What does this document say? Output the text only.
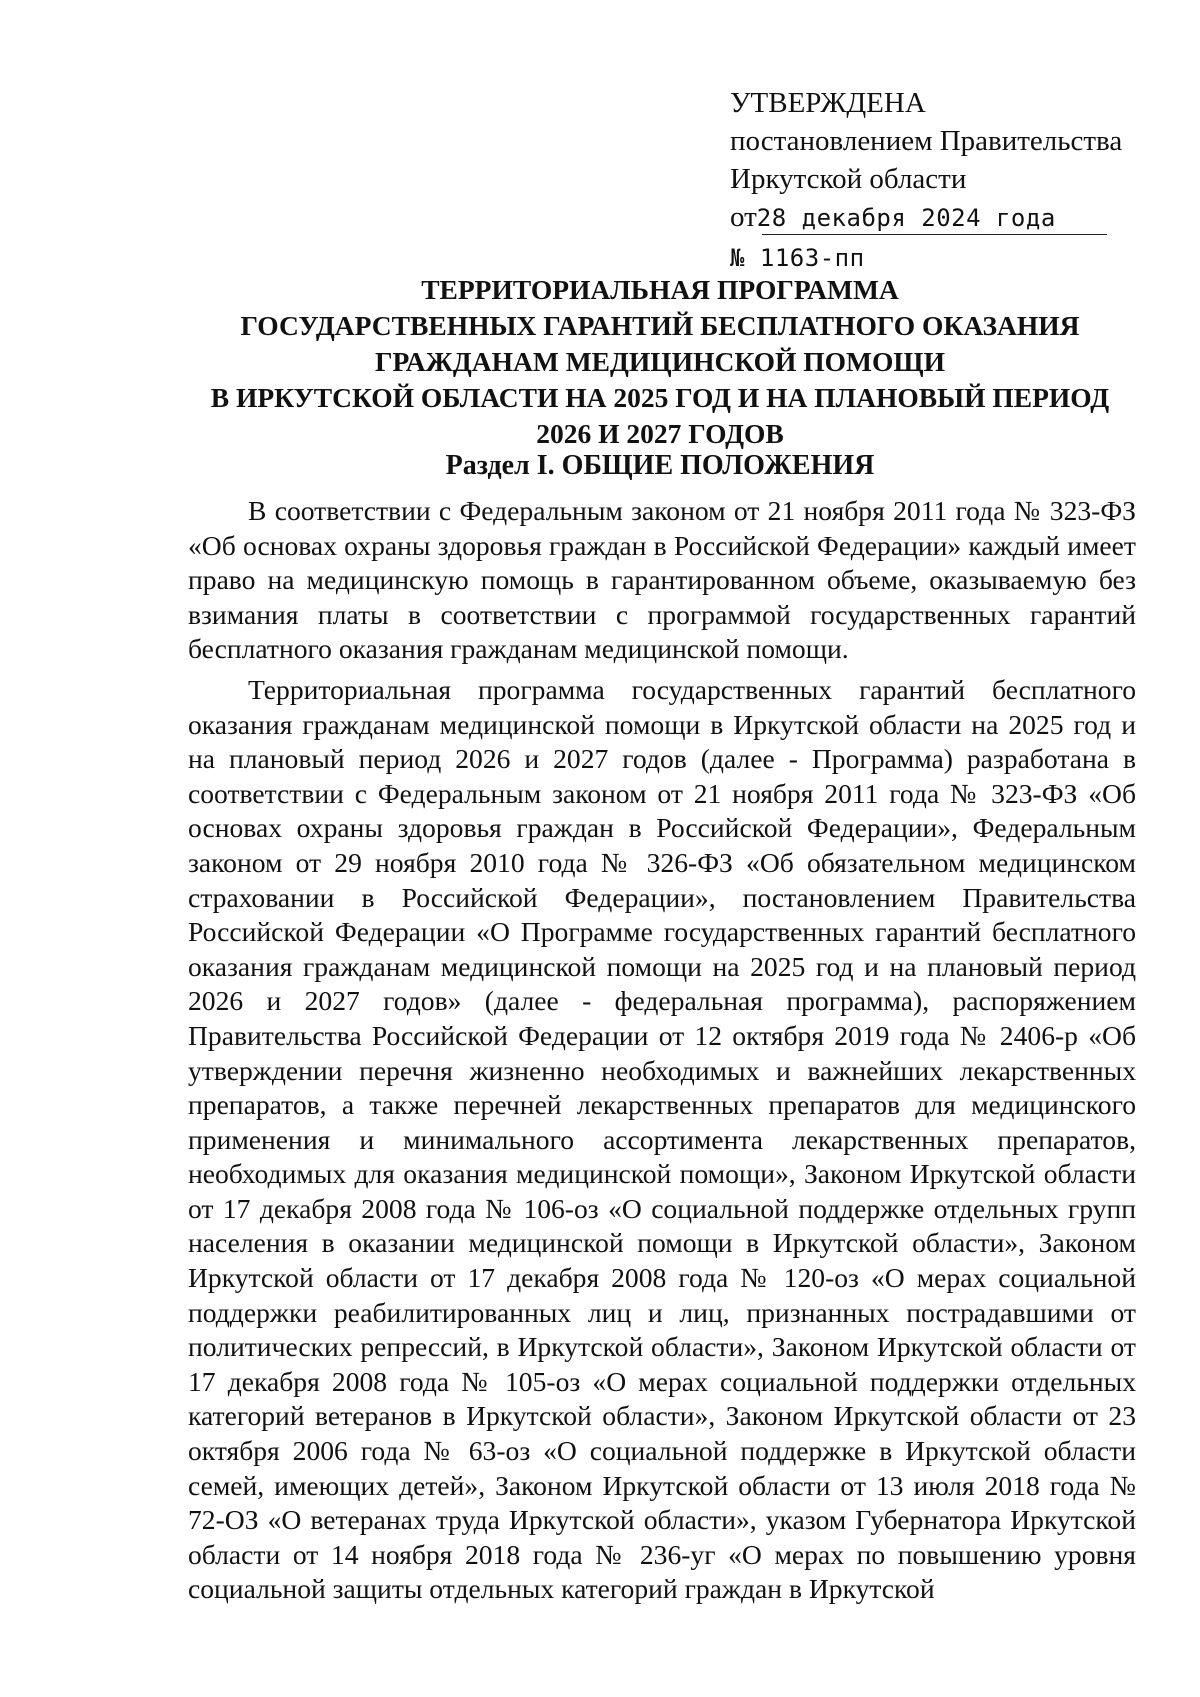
УТВЕРЖДЕНА
постановлением Правительства
Иркутской области
от28 декабря 2024 года
№ 1163-пп
ТЕРРИТОРИАЛЬНАЯ ПРОГРАММА
ГОСУДАРСТВЕННЫХ ГАРАНТИЙ БЕСПЛАТНОГО ОКАЗАНИЯ
ГРАЖДАНАМ МЕДИЦИНСКОЙ ПОМОЩИ
В ИРКУТСКОЙ ОБЛАСТИ НА 2025 ГОД И НА ПЛАНОВЫЙ ПЕРИОД
2026 И 2027 ГОДОВ
Раздел I. ОБЩИЕ ПОЛОЖЕНИЯ

В соответствии с Федеральным законом от 21 ноября 2011 года № 323-ФЗ «Об основах охраны здоровья граждан в Российской Федерации» каждый имеет право на медицинскую помощь в гарантированном объеме, оказываемую без взимания платы в соответствии с программой государственных гарантий бесплатного оказания гражданам медицинской помощи.

Территориальная программа государственных гарантий бесплатного оказания гражданам медицинской помощи в Иркутской области на 2025 год и на плановый период 2026 и 2027 годов (далее - Программа) разработана в соответствии с Федеральным законом от 21 ноября 2011 года № 323-ФЗ «Об основах охраны здоровья граждан в Российской Федерации», Федеральным законом от 29 ноября 2010 года № 326-ФЗ «Об обязательном медицинском страховании в Российской Федерации», постановлением Правительства Российской Федерации «О Программе государственных гарантий бесплатного оказания гражданам медицинской помощи на 2025 год и на плановый период 2026 и 2027 годов» (далее - федеральная программа), распоряжением Правительства Российской Федерации от 12 октября 2019 года № 2406-р «Об утверждении перечня жизненно необходимых и важнейших лекарственных препаратов, а также перечней лекарственных препаратов для медицинского применения и минимального ассортимента лекарственных препаратов, необходимых для оказания медицинской помощи», Законом Иркутской области от 17 декабря 2008 года № 106-оз «О социальной поддержке отдельных групп населения в оказании медицинской помощи в Иркутской области», Законом Иркутской области от 17 декабря 2008 года № 120-оз «О мерах социальной поддержки реабилитированных лиц и лиц, признанных пострадавшими от политических репрессий, в Иркутской области», Законом Иркутской области от 17 декабря 2008 года № 105-оз «О мерах социальной поддержки отдельных категорий ветеранов в Иркутской области», Законом Иркутской области от 23 октября 2006 года № 63-оз «О социальной поддержке в Иркутской области семей, имеющих детей», Законом Иркутской области от 13 июля 2018 года № 72-ОЗ «О ветеранах труда Иркутской области», указом Губернатора Иркутской области от 14 ноября 2018 года № 236-уг «О мерах по повышению уровня социальной защиты отдельных категорий граждан в Иркутской
